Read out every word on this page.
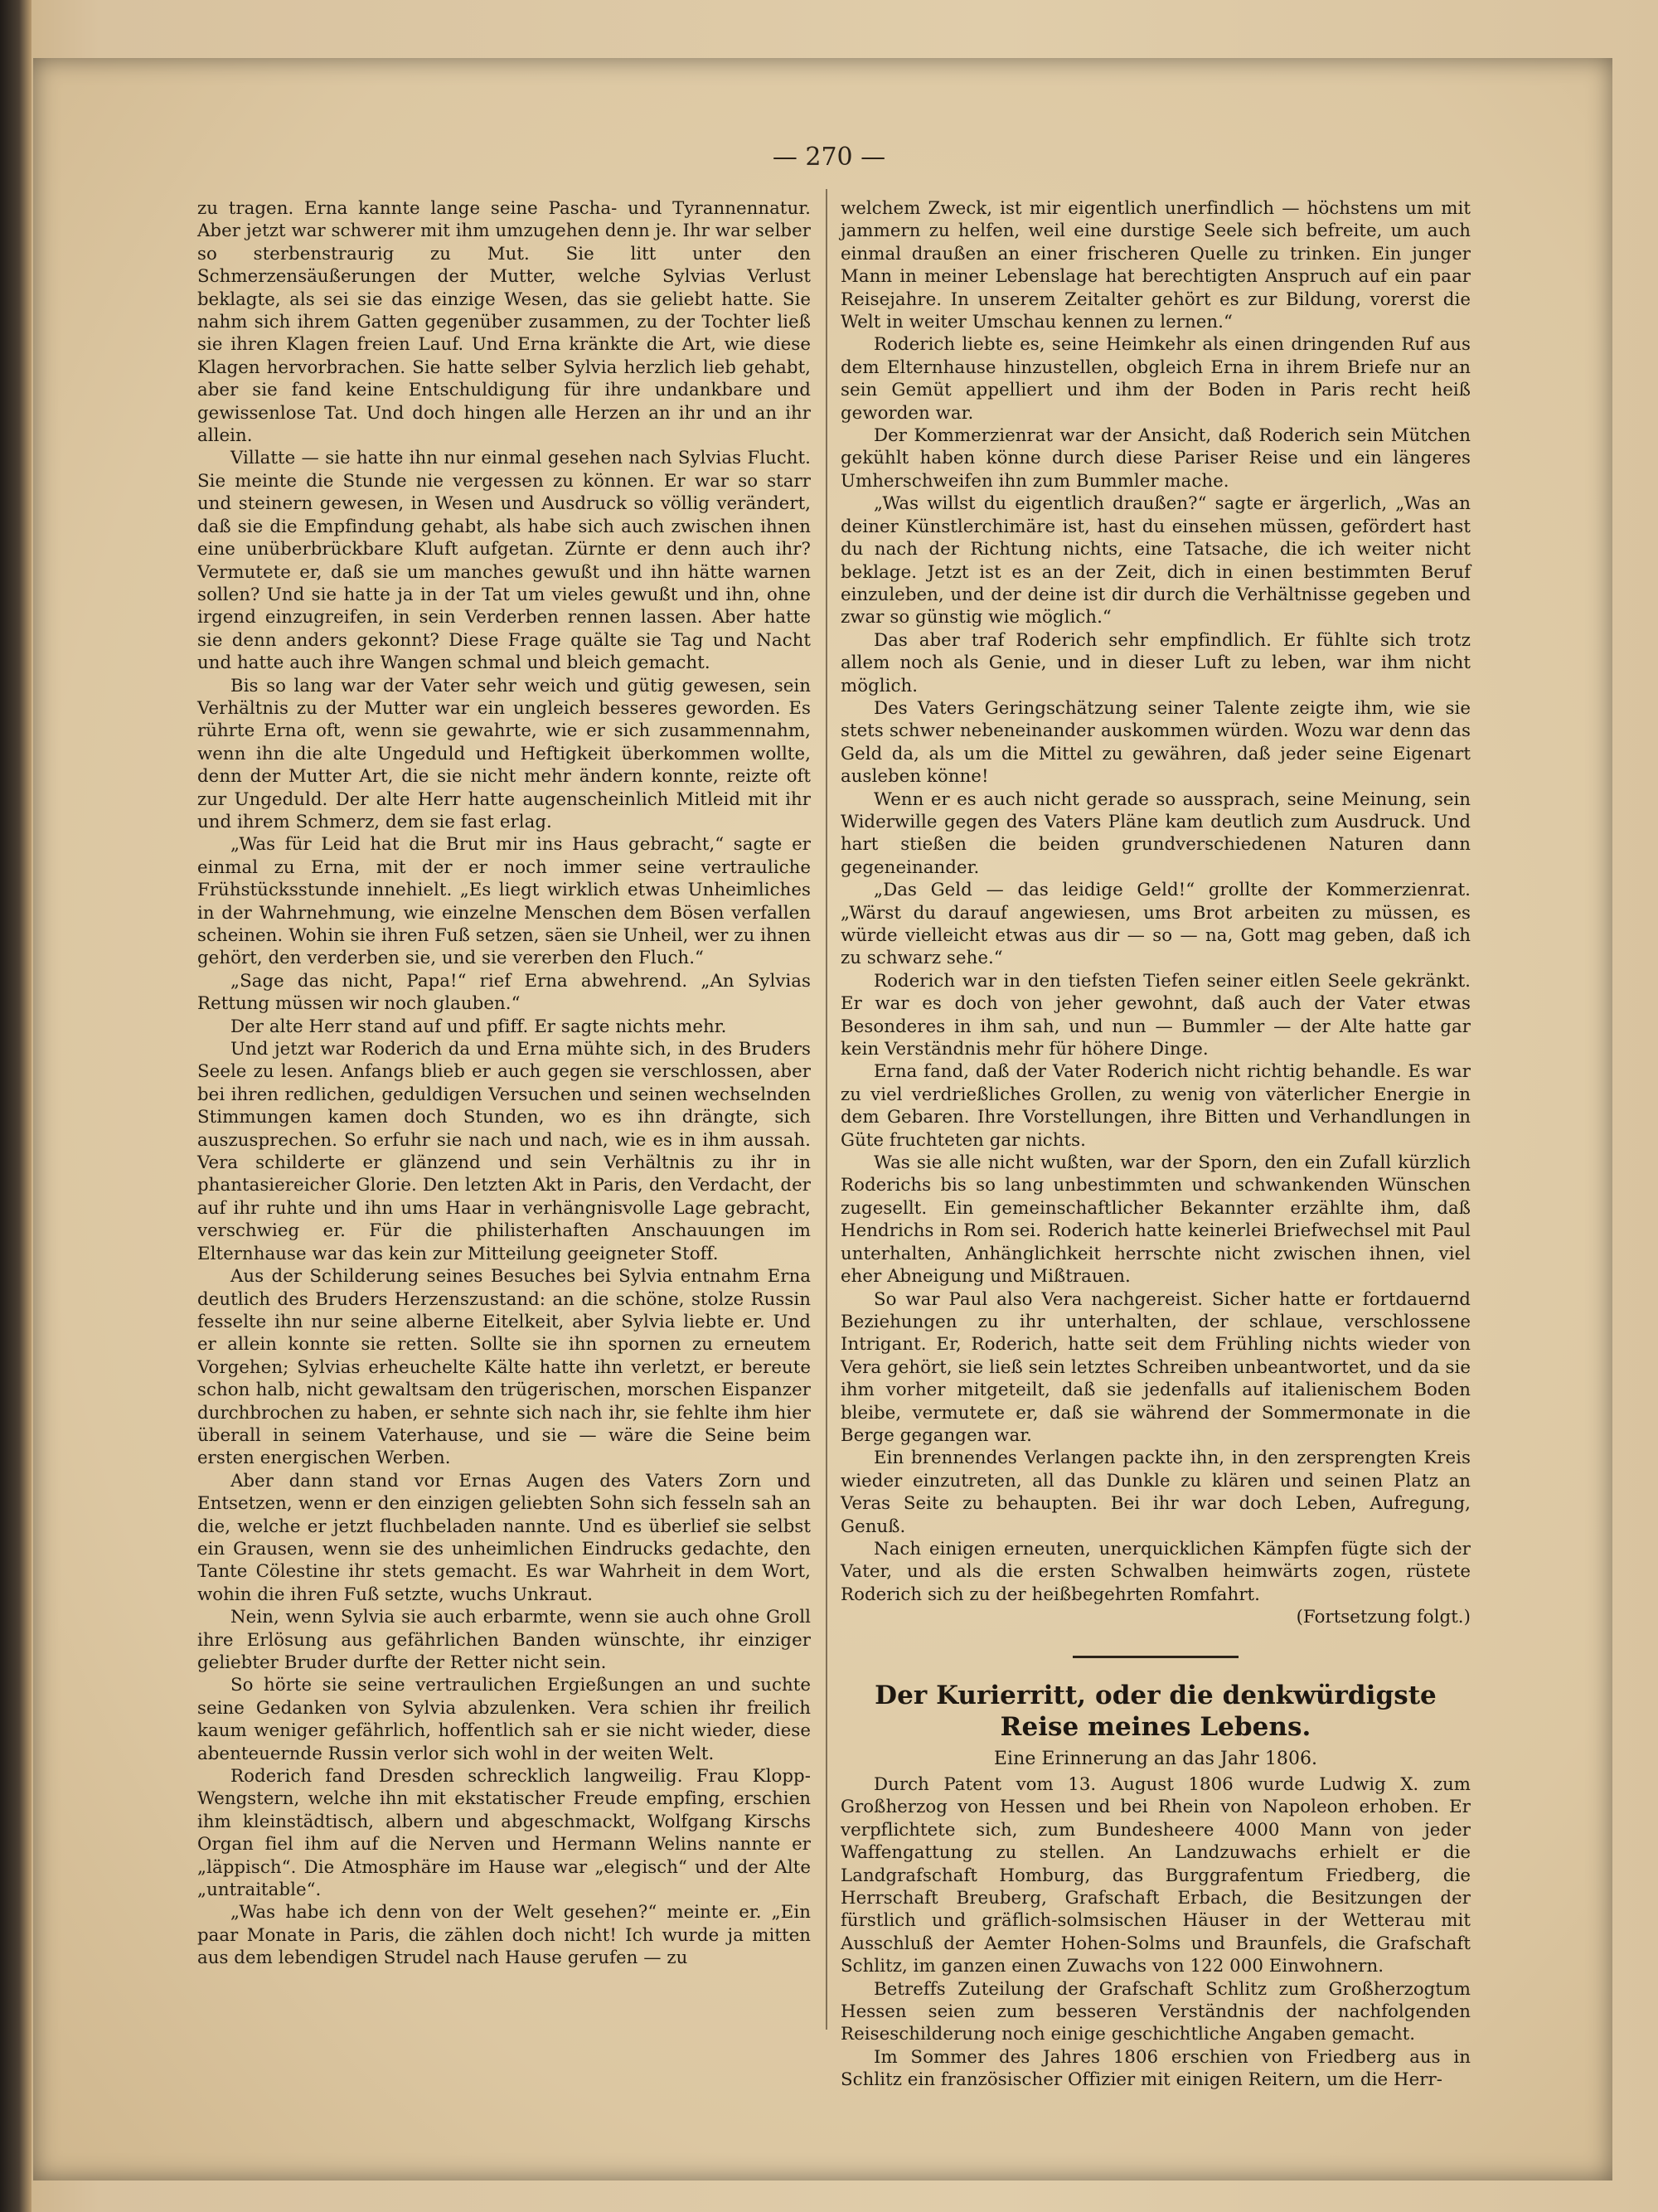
— 270 —

zu tragen. Erna kannte lange seine Pascha- und Tyrannennatur. Aber jetzt war schwerer mit ihm umzugehen denn je. Ihr war selber so sterbenstraurig zu Mut. Sie litt unter den Schmerzensäußerungen der Mutter, welche Sylvias Verlust beklagte, als sei sie das einzige Wesen, das sie geliebt hatte. Sie nahm sich ihrem Gatten gegenüber zusammen, zu der Tochter ließ sie ihren Klagen freien Lauf. Und Erna kränkte die Art, wie diese Klagen hervorbrachen. Sie hatte selber Sylvia herzlich lieb gehabt, aber sie fand keine Entschuldigung für ihre undankbare und gewissenlose Tat. Und doch hingen alle Herzen an ihr und an ihr allein.

Villatte — sie hatte ihn nur einmal gesehen nach Sylvias Flucht. Sie meinte die Stunde nie vergessen zu können. Er war so starr und steinern gewesen, in Wesen und Ausdruck so völlig verändert, daß sie die Empfindung gehabt, als habe sich auch zwischen ihnen eine unüberbrückbare Kluft aufgetan. Zürnte er denn auch ihr? Vermutete er, daß sie um manches gewußt und ihn hätte warnen sollen? Und sie hatte ja in der Tat um vieles gewußt und ihn, ohne irgend einzugreifen, in sein Verderben rennen lassen. Aber hatte sie denn anders gekonnt? Diese Frage quälte sie Tag und Nacht und hatte auch ihre Wangen schmal und bleich gemacht.

Bis so lang war der Vater sehr weich und gütig gewesen, sein Verhältnis zu der Mutter war ein ungleich besseres geworden. Es rührte Erna oft, wenn sie gewahrte, wie er sich zusammennahm, wenn ihn die alte Ungeduld und Heftigkeit überkommen wollte, denn der Mutter Art, die sie nicht mehr ändern konnte, reizte oft zur Ungeduld. Der alte Herr hatte augenscheinlich Mitleid mit ihr und ihrem Schmerz, dem sie fast erlag.

„Was für Leid hat die Brut mir ins Haus gebracht,“ sagte er einmal zu Erna, mit der er noch immer seine vertrauliche Frühstücksstunde innehielt. „Es liegt wirklich etwas Unheimliches in der Wahrnehmung, wie einzelne Menschen dem Bösen verfallen scheinen. Wohin sie ihren Fuß setzen, säen sie Unheil, wer zu ihnen gehört, den verderben sie, und sie vererben den Fluch.“

„Sage das nicht, Papa!“ rief Erna abwehrend. „An Sylvias Rettung müssen wir noch glauben.“

Der alte Herr stand auf und pfiff. Er sagte nichts mehr.

Und jetzt war Roderich da und Erna mühte sich, in des Bruders Seele zu lesen. Anfangs blieb er auch gegen sie verschlossen, aber bei ihren redlichen, geduldigen Versuchen und seinen wechselnden Stimmungen kamen doch Stunden, wo es ihn drängte, sich auszusprechen. So erfuhr sie nach und nach, wie es in ihm aussah. Vera schilderte er glänzend und sein Verhältnis zu ihr in phantasiereicher Glorie. Den letzten Akt in Paris, den Verdacht, der auf ihr ruhte und ihn ums Haar in verhängnisvolle Lage gebracht, verschwieg er. Für die philisterhaften Anschauungen im Elternhause war das kein zur Mitteilung geeigneter Stoff.

Aus der Schilderung seines Besuches bei Sylvia entnahm Erna deutlich des Bruders Herzenszustand: an die schöne, stolze Russin fesselte ihn nur seine alberne Eitelkeit, aber Sylvia liebte er. Und er allein konnte sie retten. Sollte sie ihn spornen zu erneutem Vorgehen; Sylvias erheuchelte Kälte hatte ihn verletzt, er bereute schon halb, nicht gewaltsam den trügerischen, morschen Eispanzer durchbrochen zu haben, er sehnte sich nach ihr, sie fehlte ihm hier überall in seinem Vaterhause, und sie — wäre die Seine beim ersten energischen Werben.

Aber dann stand vor Ernas Augen des Vaters Zorn und Entsetzen, wenn er den einzigen geliebten Sohn sich fesseln sah an die, welche er jetzt fluchbeladen nannte. Und es überlief sie selbst ein Grausen, wenn sie des unheimlichen Eindrucks gedachte, den Tante Cölestine ihr stets gemacht. Es war Wahrheit in dem Wort, wohin die ihren Fuß setzte, wuchs Unkraut.

Nein, wenn Sylvia sie auch erbarmte, wenn sie auch ohne Groll ihre Erlösung aus gefährlichen Banden wünschte, ihr einziger geliebter Bruder durfte der Retter nicht sein.

So hörte sie seine vertraulichen Ergießungen an und suchte seine Gedanken von Sylvia abzulenken. Vera schien ihr freilich kaum weniger gefährlich, hoffentlich sah er sie nicht wieder, diese abenteuernde Russin verlor sich wohl in der weiten Welt.

Roderich fand Dresden schrecklich langweilig. Frau Klopp-Wengstern, welche ihn mit ekstatischer Freude empfing, erschien ihm kleinstädtisch, albern und abgeschmackt, Wolfgang Kirschs Organ fiel ihm auf die Nerven und Hermann Welins nannte er „läppisch“. Die Atmosphäre im Hause war „elegisch“ und der Alte „untraitable“.

„Was habe ich denn von der Welt gesehen?“ meinte er. „Ein paar Monate in Paris, die zählen doch nicht! Ich wurde ja mitten aus dem lebendigen Strudel nach Hause gerufen — zu

welchem Zweck, ist mir eigentlich unerfindlich — höchstens um mit jammern zu helfen, weil eine durstige Seele sich befreite, um auch einmal draußen an einer frischeren Quelle zu trinken. Ein junger Mann in meiner Lebenslage hat berechtigten Anspruch auf ein paar Reisejahre. In unserem Zeitalter gehört es zur Bildung, vorerst die Welt in weiter Umschau kennen zu lernen.“

Roderich liebte es, seine Heimkehr als einen dringenden Ruf aus dem Elternhause hinzustellen, obgleich Erna in ihrem Briefe nur an sein Gemüt appelliert und ihm der Boden in Paris recht heiß geworden war.

Der Kommerzienrat war der Ansicht, daß Roderich sein Mütchen gekühlt haben könne durch diese Pariser Reise und ein längeres Umherschweifen ihn zum Bummler mache.

„Was willst du eigentlich draußen?“ sagte er ärgerlich, „Was an deiner Künstlerchimäre ist, hast du einsehen müssen, gefördert hast du nach der Richtung nichts, eine Tatsache, die ich weiter nicht beklage. Jetzt ist es an der Zeit, dich in einen bestimmten Beruf einzuleben, und der deine ist dir durch die Verhältnisse gegeben und zwar so günstig wie möglich.“

Das aber traf Roderich sehr empfindlich. Er fühlte sich trotz allem noch als Genie, und in dieser Luft zu leben, war ihm nicht möglich.

Des Vaters Geringschätzung seiner Talente zeigte ihm, wie sie stets schwer nebeneinander auskommen würden. Wozu war denn das Geld da, als um die Mittel zu gewähren, daß jeder seine Eigenart ausleben könne!

Wenn er es auch nicht gerade so aussprach, seine Meinung, sein Widerwille gegen des Vaters Pläne kam deutlich zum Ausdruck. Und hart stießen die beiden grundverschiedenen Naturen dann gegeneinander.

„Das Geld — das leidige Geld!“ grollte der Kommerzienrat. „Wärst du darauf angewiesen, ums Brot arbeiten zu müssen, es würde vielleicht etwas aus dir — so — na, Gott mag geben, daß ich zu schwarz sehe.“

Roderich war in den tiefsten Tiefen seiner eitlen Seele gekränkt. Er war es doch von jeher gewohnt, daß auch der Vater etwas Besonderes in ihm sah, und nun — Bummler — der Alte hatte gar kein Verständnis mehr für höhere Dinge.

Erna fand, daß der Vater Roderich nicht richtig behandle. Es war zu viel verdrießliches Grollen, zu wenig von väterlicher Energie in dem Gebaren. Ihre Vorstellungen, ihre Bitten und Verhandlungen in Güte fruchteten gar nichts.

Was sie alle nicht wußten, war der Sporn, den ein Zufall kürzlich Roderichs bis so lang unbestimmten und schwankenden Wünschen zugesellt. Ein gemeinschaftlicher Bekannter erzählte ihm, daß Hendrichs in Rom sei. Roderich hatte keinerlei Briefwechsel mit Paul unterhalten, Anhänglichkeit herrschte nicht zwischen ihnen, viel eher Abneigung und Mißtrauen.

So war Paul also Vera nachgereist. Sicher hatte er fortdauernd Beziehungen zu ihr unterhalten, der schlaue, verschlossene Intrigant. Er, Roderich, hatte seit dem Frühling nichts wieder von Vera gehört, sie ließ sein letztes Schreiben unbeantwortet, und da sie ihm vorher mitgeteilt, daß sie jedenfalls auf italienischem Boden bleibe, vermutete er, daß sie während der Sommermonate in die Berge gegangen war.

Ein brennendes Verlangen packte ihn, in den zersprengten Kreis wieder einzutreten, all das Dunkle zu klären und seinen Platz an Veras Seite zu behaupten. Bei ihr war doch Leben, Aufregung, Genuß.

Nach einigen erneuten, unerquicklichen Kämpfen fügte sich der Vater, und als die ersten Schwalben heimwärts zogen, rüstete Roderich sich zu der heißbegehrten Romfahrt.

(Fortsetzung folgt.)

Der Kurierritt, oder die denkwürdigste Reise meines Lebens.
Eine Erinnerung an das Jahr 1806.

Durch Patent vom 13. August 1806 wurde Ludwig X. zum Großherzog von Hessen und bei Rhein von Napoleon erhoben. Er verpflichtete sich, zum Bundesheere 4000 Mann von jeder Waffengattung zu stellen. An Landzuwachs erhielt er die Landgrafschaft Homburg, das Burggrafentum Friedberg, die Herrschaft Breuberg, Grafschaft Erbach, die Besitzungen der fürstlich und gräflich-solmsischen Häuser in der Wetterau mit Ausschluß der Aemter Hohen-Solms und Braunfels, die Grafschaft Schlitz, im ganzen einen Zuwachs von 122 000 Einwohnern.

Betreffs Zuteilung der Grafschaft Schlitz zum Großherzogtum Hessen seien zum besseren Verständnis der nachfolgenden Reiseschilderung noch einige geschichtliche Angaben gemacht.

Im Sommer des Jahres 1806 erschien von Friedberg aus in Schlitz ein französischer Offizier mit einigen Reitern, um die Herr-
